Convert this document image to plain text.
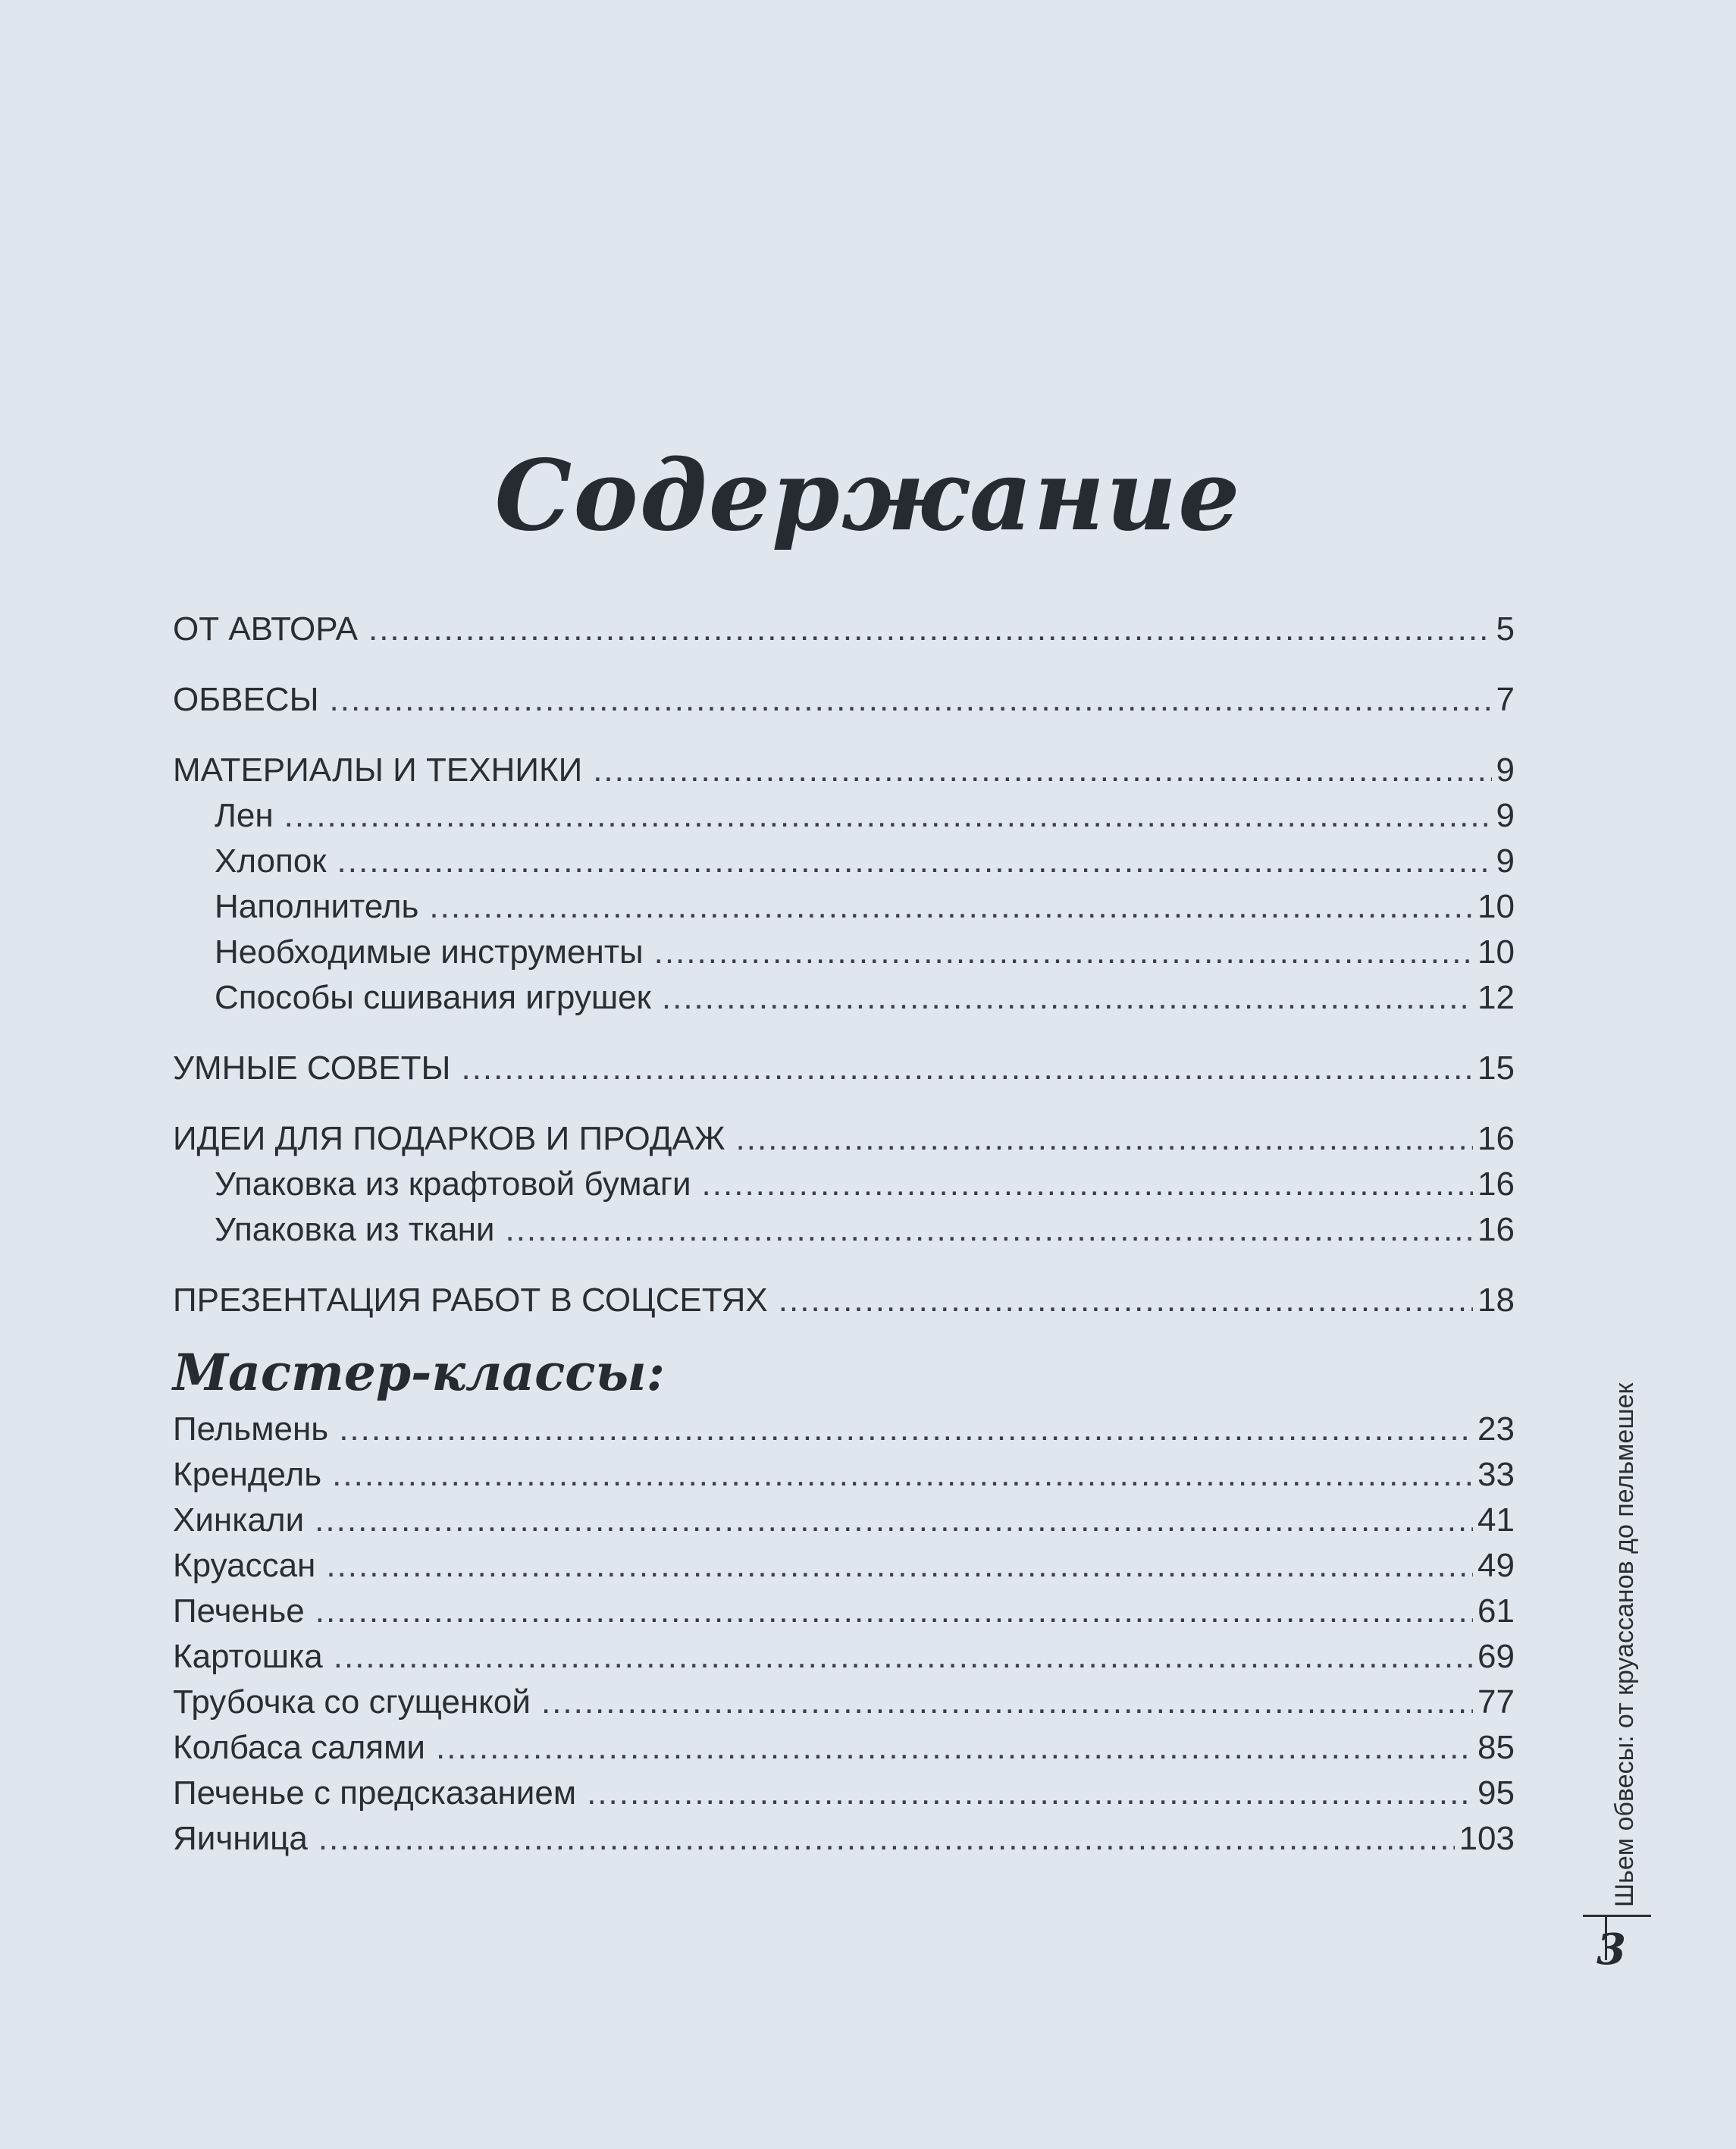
Содержание
ОТ АВТОРА .....	5
ОБВЕСЫ .....	7
МАТЕРИАЛЫ И ТЕХНИКИ .....	9
Лен .....	9
Хлопок .....	9
Наполнитель .....	10
Необходимые инструменты .....	10
Способы сшивания игрушек .....	12
УМНЫЕ СОВЕТЫ .....	15
ИДЕИ ДЛЯ ПОДАРКОВ И ПРОДАЖ .....	16
Упаковка из крафтовой бумаги .....	16
Упаковка из ткани .....	16
ПРЕЗЕНТАЦИЯ РАБОТ В СОЦСЕТЯХ .....	18
Мастер-классы:
Пельмень .....	23
Крендель .....	33
Хинкали .....	41
Круассан .....	49
Печенье .....	61
Картошка .....	69
Трубочка со сгущенкой .....	77
Колбаса салями .....	85
Печенье с предсказанием .....	95
Яичница .....	103	Шьем обвесы: от круассанов до пельмешек
3
